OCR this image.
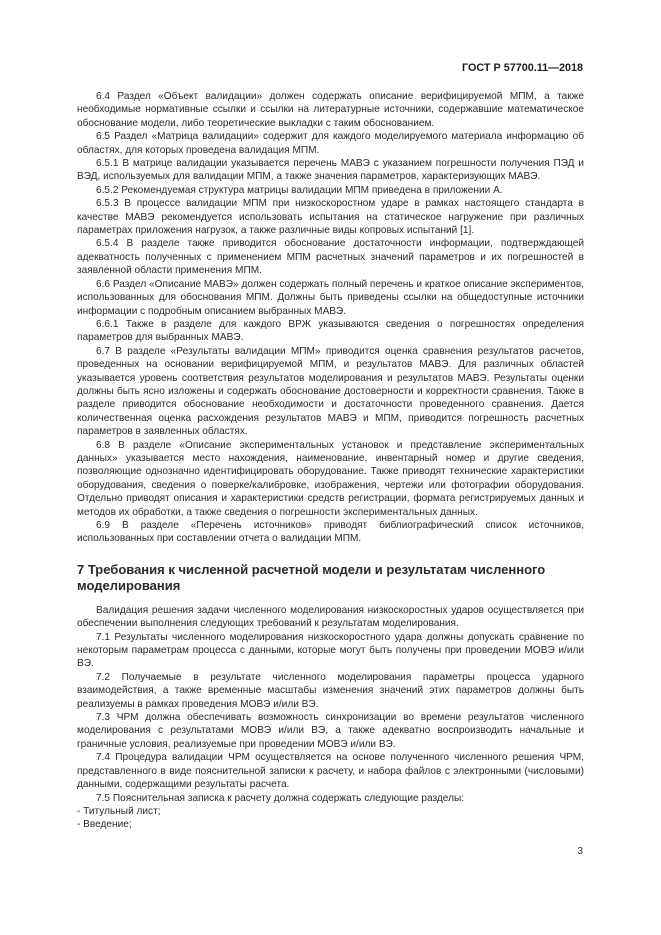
ГОСТ Р 57700.11—2018

6.4 Раздел «Объект валидации» должен содержать описание верифицируемой МПМ, а также необходимые нормативные ссылки и ссылки на литературные источники, содержавшие математическое обоснование модели, либо теоретические выкладки с таким обоснованием.

6.5 Раздел «Матрица валидации» содержит для каждого моделируемого материала информацию об областях, для которых проведена валидация МПМ.

6.5.1 В матрице валидации указывается перечень МАВЭ с указанием погрешности получения ПЭД и ВЭД, используемых для валидации МПМ, а также значения параметров, характеризующих МАВЭ.

6.5.2 Рекомендуемая структура матрицы валидации МПМ приведена в приложении А.

6.5.3 В процессе валидации МПМ при низкоскоростном ударе в рамках настоящего стандарта в качестве МАВЭ рекомендуется использовать испытания на статическое нагружение при различных параметрах приложения нагрузок, а также различные виды копровых испытаний [1].

6.5.4 В разделе также приводится обоснование достаточности информации, подтверждающей адекватность полученных с применением МПМ расчетных значений параметров и их погрешностей в заявленной области применения МПМ.

6.6 Раздел «Описание МАВЭ» должен содержать полный перечень и краткое описание экспериментов, использованных для обоснования МПМ. Должны быть приведены ссылки на общедоступные источники информации с подробным описанием выбранных МАВЭ.

6.6.1 Также в разделе для каждого ВРЖ указываются сведения о погрешностях определения параметров для выбранных МАВЭ.

6.7 В разделе «Результаты валидации МПМ» приводится оценка сравнения результатов расчетов, проведенных на основании верифицируемой МПМ, и результатов МАВЭ. Для различных областей указывается уровень соответствия результатов моделирования и результатов МАВЭ. Результаты оценки должны быть ясно изложены и содержать обоснование достоверности и корректности сравнения. Также в разделе приводится обоснование необходимости и достаточности проведенного сравнения. Дается количественная оценка расхождения результатов МАВЭ и МПМ, приводится погрешность расчетных параметров в заявленных областях.

6.8 В разделе «Описание экспериментальных установок и представление экспериментальных данных» указывается место нахождения, наименование, инвентарный номер и другие сведения, позволяющие однозначно идентифицировать оборудование. Также приводят технические характеристики оборудования, сведения о поверке/калибровке, изображения, чертежи или фотографии оборудования. Отдельно приводят описания и характеристики средств регистрации, формата регистрируемых данных и методов их обработки, а также сведения о погрешности экспериментальных данных.

6.9 В разделе «Перечень источников» приводят библиографический список источников, использованных при составлении отчета о валидации МПМ.

7 Требования к численной расчетной модели и результатам численного моделирования

Валидация решения задачи численного моделирования низкоскоростных ударов осуществляется при обеспечении выполнения следующих требований к результатам моделирования.

7.1 Результаты численного моделирования низкоскоростного удара должны допускать сравнение по некоторым параметрам процесса с данными, которые могут быть получены при проведении МОВЭ и/или ВЭ.

7.2 Получаемые в результате численного моделирования параметры процесса ударного взаимодействия, а также временные масштабы изменения значений этих параметров должны быть реализуемы в рамках проведения МОВЭ и/или ВЭ.

7.3 ЧРМ должна обеспечивать возможность синхронизации во времени результатов численного моделирования с результатами МОВЭ и/или ВЭ, а также адекватно воспроизводить начальные и граничные условия, реализуемые при проведении МОВЭ и/или ВЭ.

7.4 Процедура валидации ЧРМ осуществляется на основе полученного численного решения ЧРМ, представленного в виде пояснительной записки к расчету, и набора файлов с электронными (числовыми) данными, содержащими результаты расчета.

7.5 Пояснительная записка к расчету должна содержать следующие разделы:

- Титульный лист;

- Введение;

3
